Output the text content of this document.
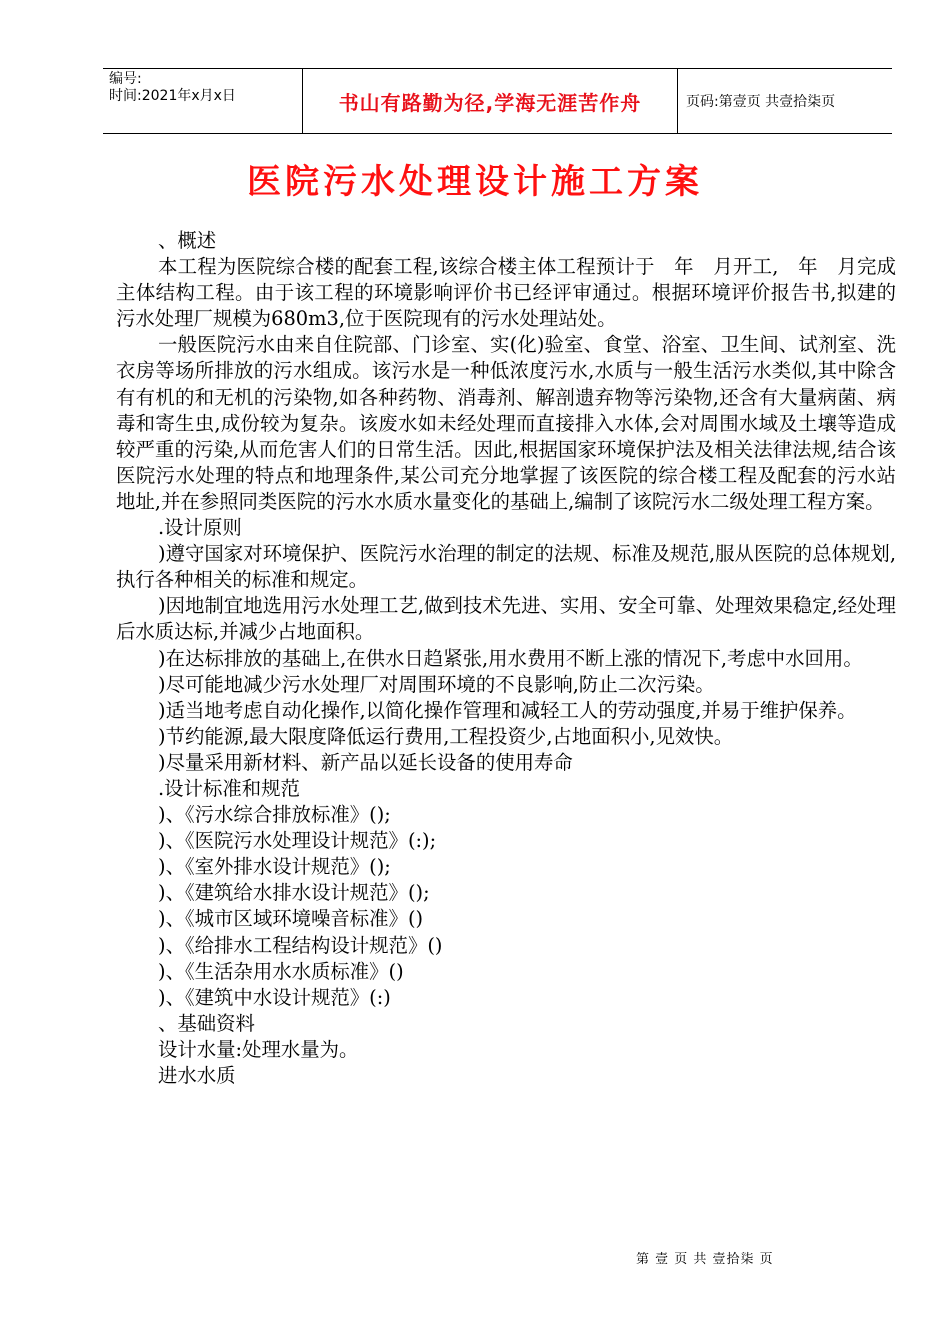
编号:
时间:2021年x月x日	书山有路勤为径,学海无涯苦作舟	页码:第 壹页 共壹拾柒页
医院污水处理设计施工方案

、概述

本工程为医院综合楼的配套工程,该综合楼主体工程预计于　年　月开工,　年　月完成主体结构工程。由于该工程的环境影响评价书已经评审通过。根据环境评价报告书,拟建的污水处理厂规模为680m3,位于医院现有的污水处理站处。

一般医院污水由来自住院部、门诊室、实(化)验室、食堂、浴室、卫生间、试剂室、洗衣房等场所排放的污水组成。该污水是一种低浓度污水,水质与一般生活污水类似,其中除含有有机的和无机的污染物,如各种药物、消毒剂、解剖遗弃物等污染物,还含有大量病菌、病毒和寄生虫,成份较为复杂。该废水如未经处理而直接排入水体,会对周围水域及土壤等造成较严重的污染,从而危害人们的日常生活。因此,根据国家环境保护法及相关法律法规,结合该医院污水处理的特点和地理条件,某公司充分地掌握了该医院的综合楼工程及配套的污水站地址,并在参照同类医院的污水水质水量变化的基础上,编制了该院污水二级处理工程方案。

.设计原则

)遵守国家对环境保护、医院污水治理的制定的法规、标准及规范,服从医院的总体规划,执行各种相关的标准和规定。

)因地制宜地选用污水处理工艺,做到技术先进、实用、安全可靠、处理效果稳定,经处理后水质达标,并减少占地面积。

)在达标排放的基础上,在供水日趋紧张,用水费用不断上涨的情况下,考虑中水回用。

)尽可能地减少污水处理厂对周围环境的不良影响,防止二次污染。

)适当地考虑自动化操作,以简化操作管理和减轻工人的劳动强度,并易于维护保养。

)节约能源,最大限度降低运行费用,工程投资少,占地面积小,见效快。

)尽量采用新材料、新产品以延长设备的使用寿命

.设计标准和规范

)、《污水综合排放标准》();

)、《医院污水处理设计规范》(:);

)、《室外排水设计规范》();

)、《建筑给水排水设计规范》();

)、《城市区域环境噪音标准》()

)、《给排水工程结构设计规范》()

)、《生活杂用水水质标准》()

)、《建筑中水设计规范》(:)

、基础资料

设计水量:处理水量为。

进水水质

第 壹 页 共 壹拾柒 页
